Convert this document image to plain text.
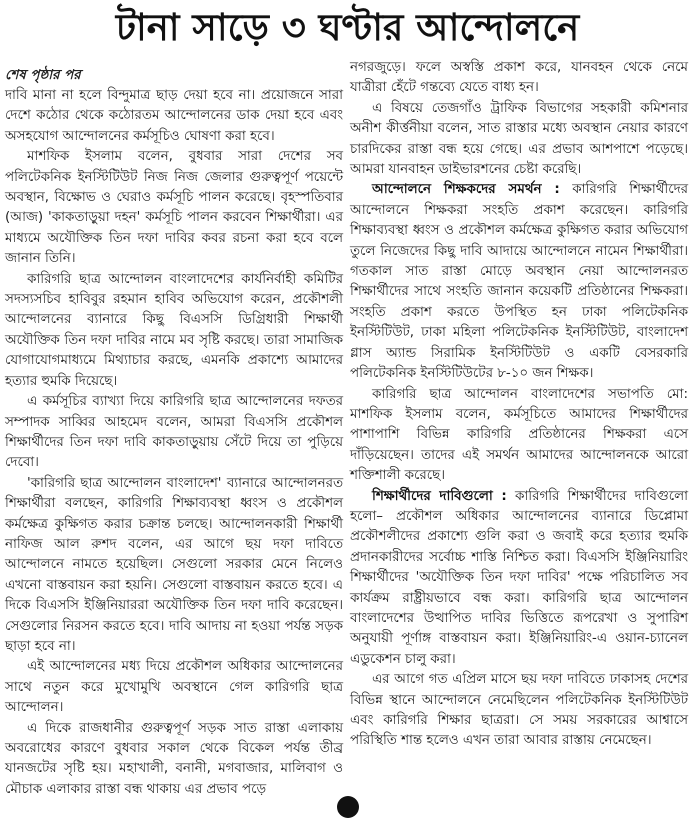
টানা সাড়ে ৩ ঘণ্টার আন্দোলনে
শেষ পৃষ্ঠার পর

দাবি মানা না হলে বিন্দুমাত্র ছাড় দেয়া হবে না। প্রয়োজনে সারা দেশে কঠোর থেকে কঠোরতম আন্দোলনের ডাক দেয়া হবে এবং অসহযোগ আন্দোলনের কর্মসূচিও ঘোষণা করা হবে।

মাশফিক ইসলাম বলেন, বুধবার সারা দেশের সব পলিটেকনিক ইনস্টিটিউট নিজ নিজ জেলার গুরুত্বপূর্ণ পয়েন্টে অবস্থান, বিক্ষোভ ও ঘেরাও কর্মসূচি পালন করেছে। বৃহস্পতিবার (আজ) 'কাকতাড়ুয়া দহন' কর্মসূচি পালন করবেন শিক্ষার্থীরা। এর মাধ্যমে অযৌক্তিক তিন দফা দাবির কবর রচনা করা হবে বলে জানান তিনি।

কারিগরি ছাত্র আন্দোলন বাংলাদেশের কার্যনির্বাহী কমিটির সদস্যসচিব হাবিবুর রহমান হাবিব অভিযোগ করেন, প্রকৌশলী আন্দোলনের ব্যানারে কিছু বিএসসি ডিগ্রিধারী শিক্ষার্থী অযৌক্তিক তিন দফা দাবির নামে মব সৃষ্টি করছে। তারা সামাজিক যোগাযোগমাধ্যমে মিথ্যাচার করছে, এমনকি প্রকাশ্যে আমাদের হত্যার হুমকি দিয়েছে।

এ কর্মসূচির ব্যাখ্যা দিয়ে কারিগরি ছাত্র আন্দোলনের দফতর সম্পাদক সাব্বির আহমেদ বলেন, আমরা বিএসসি প্রকৌশল শিক্ষার্থীদের তিন দফা দাবি কাকতাড়ুয়ায় সেঁটে দিয়ে তা পুড়িয়ে দেবো।

'কারিগরি ছাত্র আন্দোলন বাংলাদেশ' ব্যানারে আন্দোলনরত শিক্ষার্থীরা বলছেন, কারিগরি শিক্ষাব্যবস্থা ধ্বংস ও প্রকৌশল কর্মক্ষেত্র কুক্ষিগত করার চক্রান্ত চলছে। আন্দোলনকারী শিক্ষার্থী নাফিজ আল রুশদ বলেন, এর আগে ছয় দফা দাবিতে আন্দোলনে নামতে হয়েছিল। সেগুলো সরকার মেনে নিলেও এখনো বাস্তবায়ন করা হয়নি। সেগুলো বাস্তবায়ন করতে হবে। এ দিকে বিএসসি ইঞ্জিনিয়াররা অযৌক্তিক তিন দফা দাবি করেছেন। সেগুলোর নিরসন করতে হবে। দাবি আদায় না হওয়া পর্যন্ত সড়ক ছাড়া হবে না।

এই আন্দোলনের মধ্য দিয়ে প্রকৌশল অধিকার আন্দোলনের সাথে নতুন করে মুখোমুখি অবস্থানে গেল কারিগরি ছাত্র আন্দোলন।

এ দিকে রাজধানীর গুরুত্বপূর্ণ সড়ক সাত রাস্তা এলাকায় অবরোধের কারণে বুধবার সকাল থেকে বিকেল পর্যন্ত তীব্র যানজটের সৃষ্টি হয়। মহাখালী, বনানী, মগবাজার, মালিবাগ ও মৌচাক এলাকার রাস্তা বন্ধ থাকায় এর প্রভাব পড়ে

নগরজুড়ে। ফলে অস্বস্তি প্রকাশ করে, যানবহন থেকে নেমে যাত্রীরা হেঁটে গন্তব্যে যেতে বাধ্য হন।

এ বিষয়ে তেজগাঁও ট্রাফিক বিভাগের সহকারী কমিশনার অনীশ কীর্ত্তনীয়া বলেন, সাত রাস্তার মধ্যে অবস্থান নেয়ার কারণে চারদিকের রাস্তা বন্ধ হয়ে গেছে। এর প্রভাব আশপাশে পড়েছে। আমরা যানবাহন ডাইভারশনের চেষ্টা করেছি।

আন্দোলনে শিক্ষকদের সমর্থন : কারিগরি শিক্ষার্থীদের আন্দোলনে শিক্ষকরা সংহতি প্রকাশ করেছেন। কারিগরি শিক্ষাব্যবস্থা ধ্বংস ও প্রকৌশল কর্মক্ষেত্র কুক্ষিগত করার অভিযোগ তুলে নিজেদের কিছু দাবি আদায়ে আন্দোলনে নামেন শিক্ষার্থীরা। গতকাল সাত রাস্তা মোড়ে অবস্থান নেয়া আন্দোলনরত শিক্ষার্থীদের সাথে সংহতি জানান কয়েকটি প্রতিষ্ঠানের শিক্ষকরা। সংহতি প্রকাশ করতে উপস্থিত হন ঢাকা পলিটেকনিক ইনস্টিটিউট, ঢাকা মহিলা পলিটেকনিক ইনস্টিটিউট, বাংলাদেশ গ্লাস অ্যান্ড সিরামিক ইনস্টিটিউট ও একটি বেসরকারি পলিটেকনিক ইনস্টিটিউটের ৮-১০ জন শিক্ষক।

কারিগরি ছাত্র আন্দোলন বাংলাদেশের সভাপতি মো: মাশফিক ইসলাম বলেন, কর্মসূচিতে আমাদের শিক্ষার্থীদের পাশাপাশি বিভিন্ন কারিগরি প্রতিষ্ঠানের শিক্ষকরা এসে দাঁড়িয়েছেন। তাদের এই সমর্থন আমাদের আন্দোলনকে আরো শক্তিশালী করেছে।

শিক্ষার্থীদের দাবিগুলো : কারিগরি শিক্ষার্থীদের দাবিগুলো হলো– প্রকৌশল অধিকার আন্দোলনের ব্যানারে ডিপ্লোমা প্রকৌশলীদের প্রকাশ্যে গুলি করা ও জবাই করে হত্যার হুমকি প্রদানকারীদের সর্বোচ্চ শাস্তি নিশ্চিত করা। বিএসসি ইঞ্জিনিয়ারিং শিক্ষার্থীদের 'অযৌক্তিক তিন দফা দাবির' পক্ষে পরিচালিত সব কার্যক্রম রাষ্ট্রীয়ভাবে বন্ধ করা। কারিগরি ছাত্র আন্দোলন বাংলাদেশের উত্থাপিত দাবির ভিত্তিতে রূপরেখা ও সুপারিশ অনুযায়ী পূর্ণাঙ্গ বাস্তবায়ন করা। ইঞ্জিনিয়ারিং-এ ওয়ান-চ্যানেল এডুকেশন চালু করা।

এর আগে গত এপ্রিল মাসে ছয় দফা দাবিতে ঢাকাসহ দেশের বিভিন্ন স্থানে আন্দোলনে নেমেছিলেন পলিটেকনিক ইনস্টিটিউট এবং কারিগরি শিক্ষার ছাত্ররা। সে সময় সরকারের আশ্বাসে পরিস্থিতি শান্ত হলেও এখন তারা আবার রাস্তায় নেমেছেন।
